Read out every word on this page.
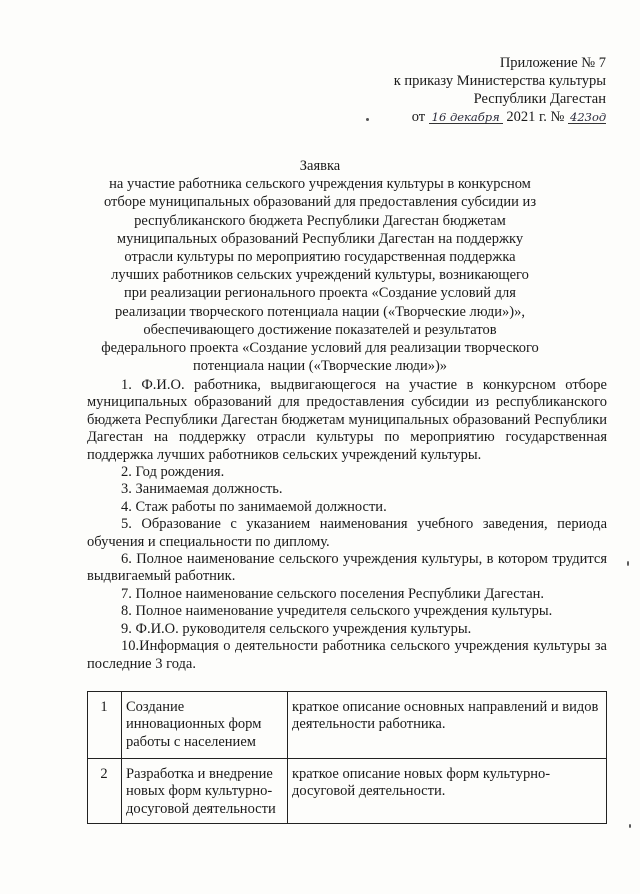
Приложение № 7
к приказу Министерства культуры
Республики Дагестан
от 16 декабря 2021 г. № 423од
Заявка
на участие работника сельского учреждения культуры в конкурсном отборе муниципальных образований для предоставления субсидии из республиканского бюджета Республики Дагестан бюджетам муниципальных образований Республики Дагестан на поддержку отрасли культуры по мероприятию государственная поддержка лучших работников сельских учреждений культуры, возникающего при реализации регионального проекта «Создание условий для реализации творческого потенциала нации («Творческие люди»)», обеспечивающего достижение показателей и результатов федерального проекта «Создание условий для реализации творческого потенциала нации («Творческие люди»)»

1. Ф.И.О. работника, выдвигающегося на участие в конкурсном отборе муниципальных образований для предоставления субсидии из республиканского бюджета Республики Дагестан бюджетам муниципальных образований Республики Дагестан на поддержку отрасли культуры по мероприятию государственная поддержка лучших работников сельских учреждений культуры.

2. Год рождения.

3. Занимаемая должность.

4. Стаж работы по занимаемой должности.

5. Образование с указанием наименования учебного заведения, периода обучения и специальности по диплому.

6. Полное наименование сельского учреждения культуры, в котором трудится выдвигаемый работник.

7. Полное наименование сельского поселения Республики Дагестан.

8. Полное наименование учредителя сельского учреждения культуры.

9. Ф.И.О. руководителя сельского учреждения культуры.

10.Информация о деятельности работника сельского учреждения культуры за последние 3 года.

1	Создание инновационных форм работы с населением	краткое описание основных направлений и видов деятельности работника.
2	Разработка и внедрение новых форм культурно-досуговой деятельности	краткое описание новых форм культурно-досуговой деятельности.
